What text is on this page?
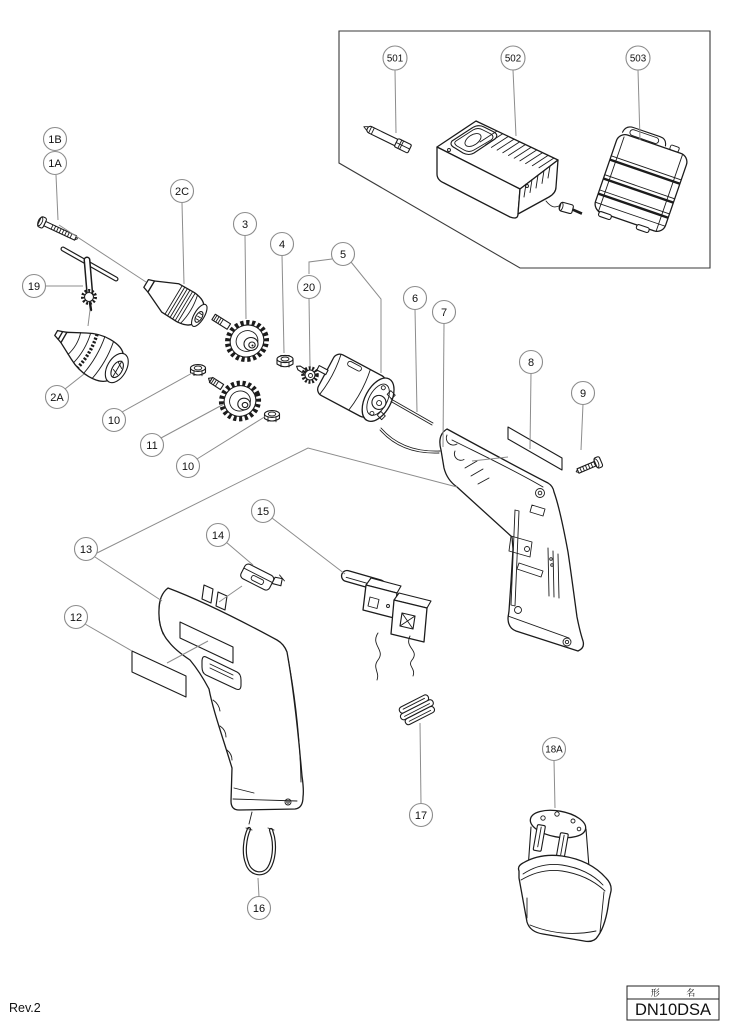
1B
1A
2C
3
4
5
20
6
7
8
9
19
2A
10
11
10
13
14
15
12
16
17
18A
501	502	503
Rev.2
形 名
DN10DSA
